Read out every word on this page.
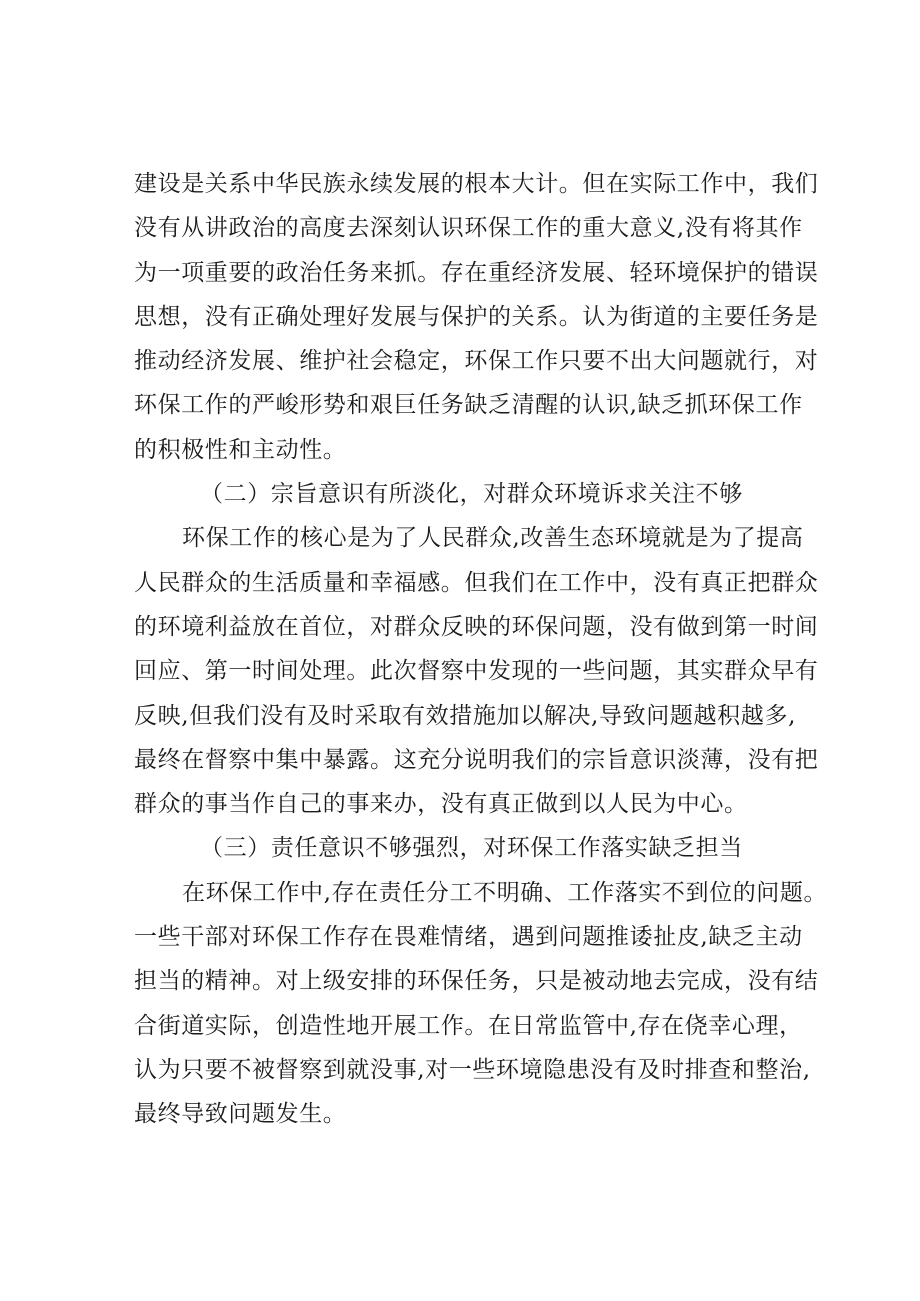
建设是关系中华民族永续发展的根本大计。但在实际工作中，我们
没有从讲政治的高度去深刻认识环保工作的重大意义,没有将其作
为一项重要的政治任务来抓。存在重经济发展、轻环境保护的错误
思想，没有正确处理好发展与保护的关系。认为街道的主要任务是
推动经济发展、维护社会稳定，环保工作只要不出大问题就行，对
环保工作的严峻形势和艰巨任务缺乏清醒的认识,缺乏抓环保工作
的积极性和主动性。
（二）宗旨意识有所淡化，对群众环境诉求关注不够
环保工作的核心是为了人民群众,改善生态环境就是为了提高
人民群众的生活质量和幸福感。但我们在工作中，没有真正把群众
的环境利益放在首位，对群众反映的环保问题，没有做到第一时间
回应、第一时间处理。此次督察中发现的一些问题，其实群众早有
反映,但我们没有及时采取有效措施加以解决,导致问题越积越多,
最终在督察中集中暴露。这充分说明我们的宗旨意识淡薄，没有把
群众的事当作自己的事来办，没有真正做到以人民为中心。
（三）责任意识不够强烈，对环保工作落实缺乏担当
在环保工作中,存在责任分工不明确、工作落实不到位的问题。
一些干部对环保工作存在畏难情绪，遇到问题推诿扯皮,缺乏主动
担当的精神。对上级安排的环保任务，只是被动地去完成，没有结
合街道实际，创造性地开展工作。在日常监管中,存在侥幸心理，
认为只要不被督察到就没事,对一些环境隐患没有及时排查和整治,
最终导致问题发生。
